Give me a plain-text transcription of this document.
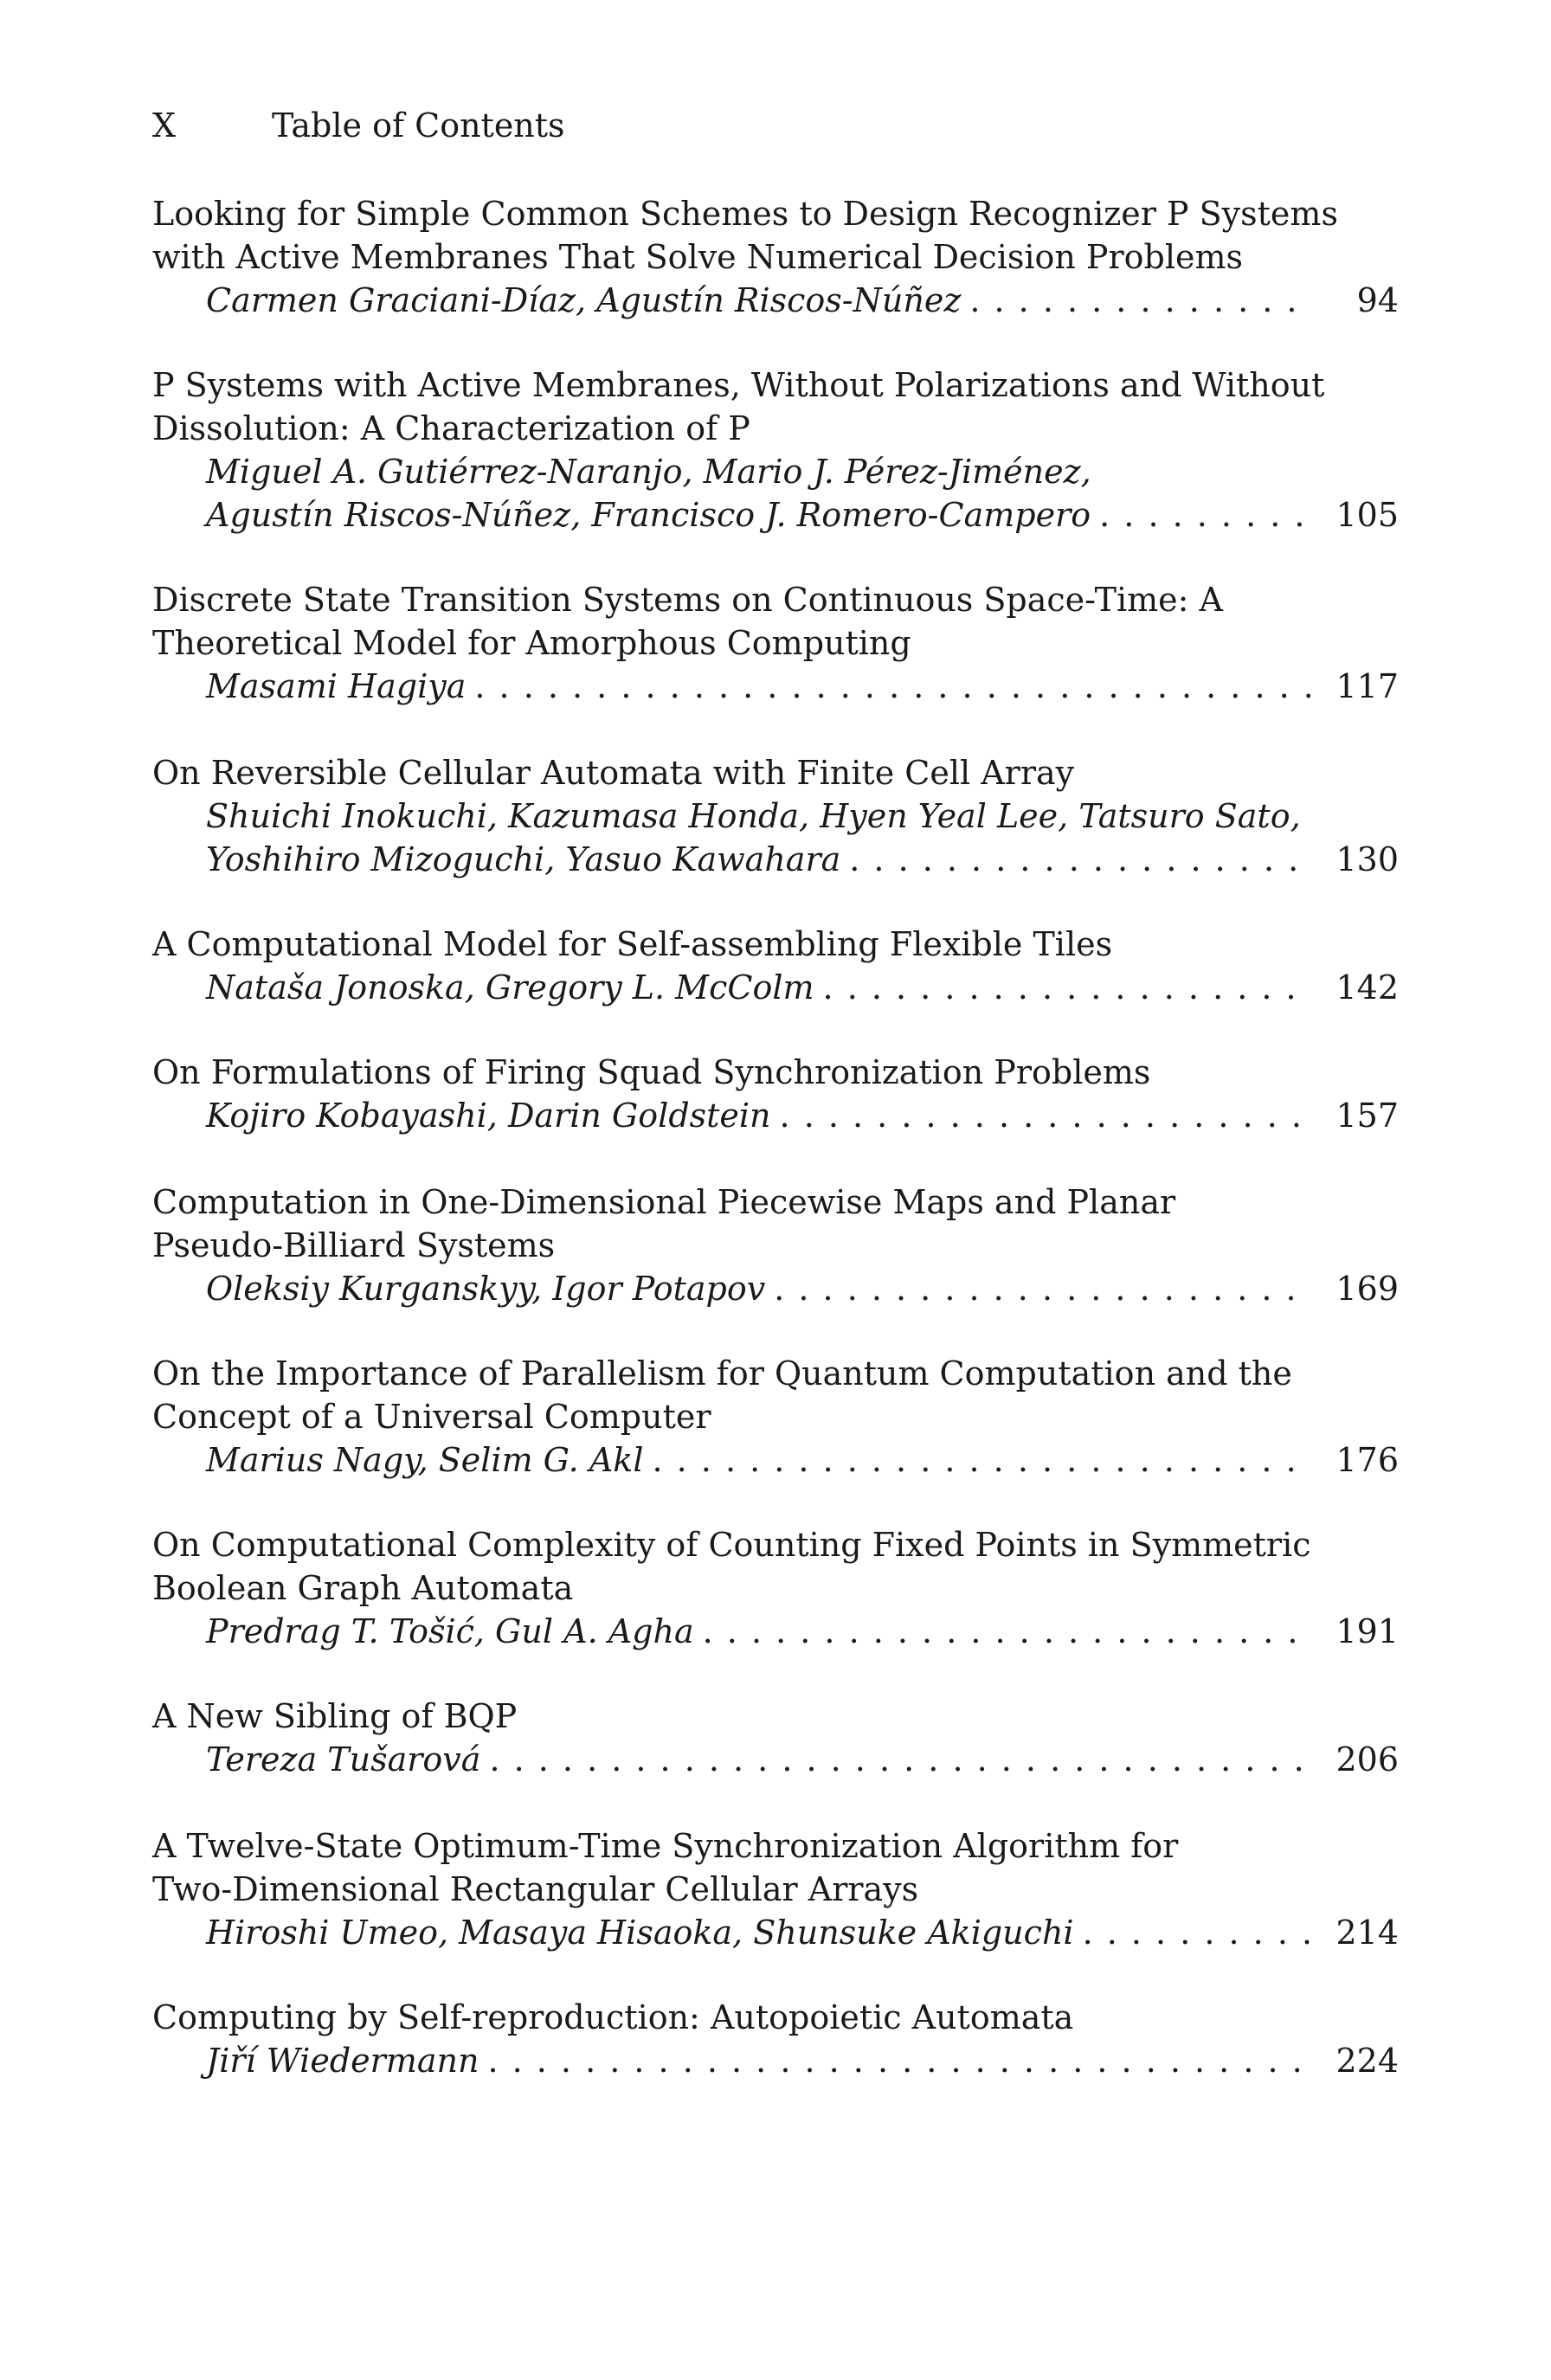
X	Table of Contents
Looking for Simple Common Schemes to Design Recognizer P Systems
with Active Membranes That Solve Numerical Decision Problems
Carmen Graciani-Díaz, Agustín Riscos-Núñez . . .	94
P Systems with Active Membranes, Without Polarizations and Without
Dissolution: A Characterization of P
Miguel A. Gutiérrez-Naranjo, Mario J. Pérez-Jiménez,
Agustín Riscos-Núñez, Francisco J. Romero-Campero . . .	105
Discrete State Transition Systems on Continuous Space-Time: A
Theoretical Model for Amorphous Computing
Masami Hagiya . . .	117
On Reversible Cellular Automata with Finite Cell Array
Shuichi Inokuchi, Kazumasa Honda, Hyen Yeal Lee, Tatsuro Sato,
Yoshihiro Mizoguchi, Yasuo Kawahara . . .	130
A Computational Model for Self-assembling Flexible Tiles
Nataša Jonoska, Gregory L. McColm . . .	142
On Formulations of Firing Squad Synchronization Problems
Kojiro Kobayashi, Darin Goldstein . . .	157
Computation in One-Dimensional Piecewise Maps and Planar
Pseudo-Billiard Systems
Oleksiy Kurganskyy, Igor Potapov . . .	169
On the Importance of Parallelism for Quantum Computation and the
Concept of a Universal Computer
Marius Nagy, Selim G. Akl . . .	176
On Computational Complexity of Counting Fixed Points in Symmetric
Boolean Graph Automata
Predrag T. Tošić, Gul A. Agha . . .	191
A New Sibling of BQP
Tereza Tušarová . . .	206
A Twelve-State Optimum-Time Synchronization Algorithm for
Two-Dimensional Rectangular Cellular Arrays
Hiroshi Umeo, Masaya Hisaoka, Shunsuke Akiguchi . . .	214
Computing by Self-reproduction: Autopoietic Automata
Jiří Wiedermann . . .	224
